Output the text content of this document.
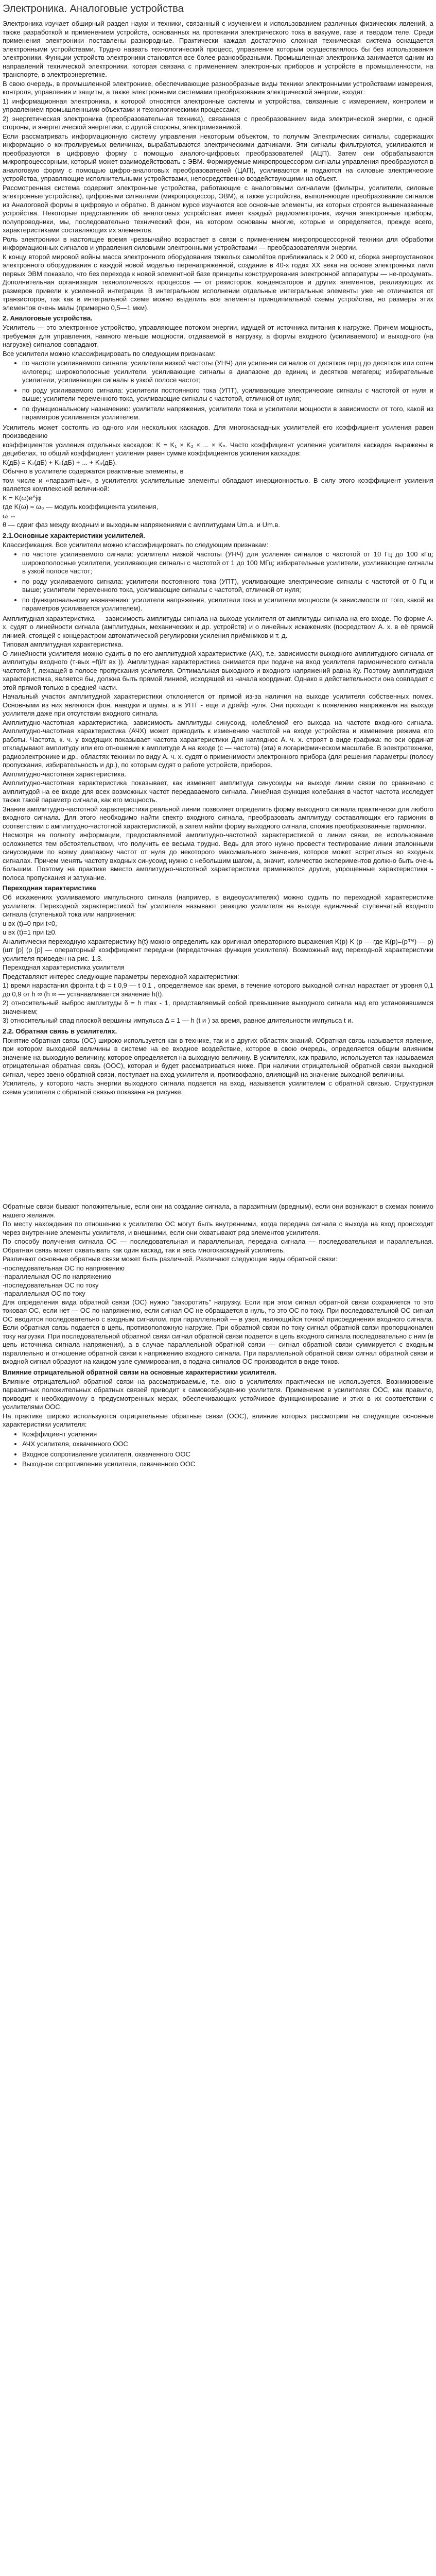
Электроника. Аналоговые устройства

Электроника изучает обширный раздел науки и техники, связанный с изучением и использованием различных физических явлений, а также разработкой и применением устройств, основанных на протекании электрического тока в вакууме, газе и твердом теле. Среди применения электроники поставлены разнородные. Практически каждая достаточно сложная техническая система оснащается электронными устройствами. Трудно назвать технологический процесс, управление которым осуществлялось бы без использования электроники. Функции устройств электроники становятся все более разнообразными. Промышленная электроника занимается одним из направлений технической электроники, которая связана с применением электронных приборов и устройств в промышленности, на транспорте, в электроэнергетике.

В свою очередь, в промышленной электронике, обеспечивающие разнообразные виды техники электронными устройствами измерения, контроля, управления и защиты, а также электронными системами преобразования электрической энергии, входят:

1) информационная электроника, к которой относятся электронные системы и устройства, связанные с измерением, контролем и управлением промышленными объектами и технологическими процессами;

2) энергетическая электроника (преобразовательная техника), связанная с преобразованием вида электрической энергии, с одной стороны, и энергетической энергетики, с другой стороны, электромеханикой.

Если рассматривать информационную систему управления некоторым объектом, то получим Электрических сигналы, содержащих информацию о контролируемых величинах, вырабатываются электрическими датчиками. Эти сигналы фильтруются, усиливаются и преобразуются в цифровую форму с помощью аналого-цифровых преобразователей (АЦП). Затем они обрабатываются микропроцессорным, который может взаимодействовать с ЭВМ. Формируемые микропроцессором сигналы управления преобразуются в аналоговую форму с помощью цифро-аналоговых преобразователей (ЦАП), усиливаются и подаются на силовые электрические устройства, управляющие исполнительными устройствами, непосредственно воздействующими на объект.

Рассмотренная система содержит электронные устройства, работающие с аналоговыми сигналами (фильтры, усилители, силовые электронные устройства), цифровыми сигналами (микропроцессор, ЭВМ), а также устройства, выполняющие преобразование сигналов из Аналоговой формы в цифровую и обратно. В данном курсе изучаются все основные элементы, из которых строятся вышеназванные устройства. Некоторые представления об аналоговых устройствах имеет каждый радиоэлектроник, изучая электронные приборы, полупроводники, мы, последовательно технический фон, на котором основаны многие, которые и определяется, прежде всего, характеристиками составляющих их элементов.

Роль электроники в настоящее время чрезвычайно возрастает в связи с применением микропроцессорной техники для обработки информационных сигналов и управления силовыми электронными устройствами — преобразователями энергии.

К концу второй мировой войны масса электронного оборудования тяжелых самолётов приближалась к 2 000 кг, сборка энергоустановок электронного оборудования с каждой новой моделью перенапряжённой, создание в 40-х годах XX века на основе электронных ламп первых ЭВМ показало, что без перехода к новой элементной базе принципы конструирования электронной аппаратуры — не-продумать. Дополнительная организация технологических процессов — от резисторов, конденсаторов и других элементов, реализующих их размеров привели к усиленной интеграции. В интегральном исполнении отдельные интегральные элементы уже не отличаются от транзисторов, так как в интегральной схеме можно выделить все элементы принципиальной схемы устройства, но размеры этих элементов очень малы (примерно 0,5—1 мкм).

2. Аналоговые устройства.

Усилитель — это электронное устройство, управляющее потоком энергии, идущей от источника питания к нагрузке. Причем мощность, требуемая для управления, намного меньше мощности, отдаваемой в нагрузку, а формы входного (усиливаемого) и выходного (на нагрузке) сигналов совпадают.

Все усилители можно классифицировать по следующим признакам:

• по частоте усиливаемого сигнала: усилители низкой частоты (УНЧ) для усиления сигналов от десятков герц до десятков или сотен килогерц; широкополосные усилители, усиливающие сигналы в диапазоне до единиц и десятков мегагерц; избирательные усилители, усиливающие сигналы в узкой полосе частот;
• по роду усиливаемого сигнала: усилители постоянного тока (УПТ), усиливающие электрические сигналы с частотой от нуля и выше; усилители переменного тока, усиливающие сигналы с частотой, отличной от нуля;
• по функциональному назначению: усилители напряжения, усилители тока и усилители мощности в зависимости от того, какой из параметров усиливается усилителем.

Усилитель может состоять из одного или нескольких каскадов. Для многокаскадных усилителей его коэффициент усиления равен произведению

коэффициентов усиления отдельных каскадов: K = K₁ × K₂ × ... × Kₙ. Часто коэффициент усиления усилителя каскадов выражены в децибелах, то общий коэффициент усиления равен сумме коэффициентов усиления каскадов:

K(дБ) = K₁(дБ) + K₂(дБ) + ... + Kₙ(дБ).

Обычно в усилителе содержатся реактивные элементы, в

том числе и «паразитные», в усилителях усилительные элементы обладают инерционностью. В силу этого коэффициент усиления является комплексной величиной:

K = K(ω)e^jφ

где K(ω) = ω₀ — модуль коэффициента усиления,

ω ⇔

θ — сдвиг фаз между входным и выходным напряжениями с амплитудами Um.a. и Um.в.

2.1.Основные характеристики усилителей.

Классификация. Все усилители можно классифицировать по следующим признакам:

• по частоте усиливаемого сигнала: усилители низкой частоты (УНЧ) для усиления сигналов с частотой от 10 Гц до 100 кГц; широкополосные усилители, усиливающие сигналы с частотой от 1 до 100 МГц; избирательные усилители, усиливающие сигналы в узкой полосе частот;
• по роду усиливаемого сигнала: усилители постоянного тока (УПТ), усиливающие электрические сигналы с частотой от 0 Гц и выше; усилители переменного тока, усиливающие сигналы с частотой, отличной от нуля;
• по функциональному назначению: усилители напряжения, усилители тока и усилители мощности (в зависимости от того, какой из параметров усиливается усилителем).

Амплитудная характеристика — зависимость амплитуды сигнала на выходе усилителя от амплитуды сигнала на его входе. По форме А. х. судят о линейности сигнала (амплитудных, механических и др. устройств) и о линейных искажениях (посредством А. х. в её прямой линией, стоящей с концерастром автоматической регулировки усиления приёмников и т. д.

Типовая амплитудная характеристика.

О линейности усилителя можно судить в по его амплитудной характеристике (АХ), т.е. зависимости выходного амплитудного сигнала от амплитуды входного (т-вых =f(і/т вх )). Амплитудная характеристика снимается при подаче на вход усилителя гармонического сигнала частотой f, лежащей в полосе пропускания усилителя. Оптимальная выходного и входного напряжений равна Ку. Поэтому амплитудная характеристика, является бы, должна быть прямой линией, исходящей из начала координат. Однако в действительности она совпадает с этой прямой только в средней части.

Начальный участок амплитудной характеристики отклоняется от прямой из-за наличия на выходе усилителя собственных помех. Основными из них являются фон, наводки и шумы, а в УПТ - еще и дрейф нуля. Они проходят к появлению напряжения на выходе усилителя даже при отсутствии входного сигнала.

Амплитудно-частотная характеристика, зависимость амплитуды синусоид, колеблемой его выхода на частоте входного сигнала. Амплитудно-частотная характеристика (АЧХ) может приводить к изменению частотой на входе устройства и изменение режима его работы. Частота, к. ч. у входящих показывает частота характеристики Для нагляднос А. ч. х. строят в виде графика: по оси ординат откладывают амплитуду или его отношение к амплитуде А на входе (с — частота) (эта) в логарифмическом масштабе. В электротехнике, радиоэлектронике и др., областях техники по виду А. ч. х. судят о применимости электронного прибора (для решения параметры (полосу пропускания, избирательность и др.), по которым судят о работе устройств, приборов.

Амплитудно-частотная характеристика.

Амплитудно-частотная характеристика показывает, как изменяет амплитуда синусоиды на выходе линии связи по сравнению с амплитудой на ее входе для всех возможных частот передаваемого сигнала. Линейная функция колебания в частот частота исследует также такой параметр сигнала, как его мощность.

Знание амплитудно-частотной характеристики реальной линии позволяет определить форму выходного сигнала практически для любого входного сигнала. Для этого необходимо найти спектр входного сигнала, преобразовать амплитуду составляющих его гармоник в соответствии с амплитудно-частотной характеристикой, а затем найти форму выходного сигнала, сложив преобразованные гармоники.

Несмотря на полноту информации, предоставляемой амплитудно-частотной характеристикой о линии связи, ее использование осложняется тем обстоятельством, что получить ее весьма трудно. Ведь для этого нужно провести тестирование линии эталонными синусоидами по всему диапазону частот от нуля до некоторого максимального значения, которое может встретиться во входных сигналах. Причем менять частоту входных синусоид нужно с небольшим шагом, а, значит, количество экспериментов должно быть очень большим. Поэтому на практике вместо амплитудно-частотной характеристики применяются другие, упрощенные характеристики - полоса пропускания и затухание.

Переходная характеристика

Об искажениях усиливаемого импульсного сигнала (например, в видеоусилителях) можно судить по переходной характеристике усилителя. Переходной характеристикой hэ/ усилителя называют реакцию усилителя на выходе единичный ступенчатый входного сигнала (ступенькой тока или напряжения:

u вх (t)=0 при t<0,

u вх (t)=1 при t≥0.

Аналитически переходную характеристику h(t) можно определить как оригинал операторного выражения K(p) K (p — где K(p)=(p™) — р) (шт [р] (р [р] — операторный коэффициент передачи (передаточная функция усилителя). Возможный вид переходной характеристики усилителя приведен на рис. 1.3.

Переходная характеристика усилителя

Представляют интерес следующие параметры переходной характеристики:

1) время нарастания фронта t ф = t 0,9 — t 0,1 , определяемое как время, в течение которого выходной сигнал нарастает от уровня 0,1 до 0,9 от h ∞ (h ∞ — устанавливается значение h(t).

2) относительный выброс амплитуды δ = h max - 1, представляемый собой превышение выходного сигнала над его установившимся значением;

3) относительный спад плоской вершины импульса Δ = 1 — h (t и ) за время, равное длительности импульса t и.

2.2. Обратная связь в усилителях.

Понятие обратная связь (ОС) широко используется как в технике, так и в других областях знаний. Обратная связь называется явление, при котором выходной величины в системе на ее входное воздействие, которое в свою очередь, определяется общим влиянием значение на выходную величину, которое определяется на выходную величину. В усилителях, как правило, используется так называемая отрицательная обратная связь (ООС), которая и будет рассматриваться ниже. При наличии отрицательной обратной связи выходной сигнал, через звено обратной связи, поступает на вход усилителя и, противофазно, влияющий на значение выходной величины.

Усилитель, у которого часть энергии выходного сигнала подается на вход, называется усилителем с обратной связью. Структурная схема усилителя с обратной связью показана на рисунке.

Обратные связи бывают положительные, если они на создание сигнала, а паразитным (вредным), если они возникают в схемах помимо нашего желания.

По месту нахождения по отношению к усилителю ОС могут быть внутренними, когда передача сигнала с выхода на вход происходит через внутренние элементы усилителя, и внешними, если они охватывают ряд элементов усилителя.

По способу получения сигнала ОС — последовательная и параллельная, передача сигнала — последовательная и параллельная. Обратная связь может охватывать как один каскад, так и весь многокаскадный усилитель.

Различают основные обратные связи может быть различной. Различают следующие виды обратной связи:

-последовательная ОС по напряжению

-параллельная ОС по напряжению

-последовательная ОС по току

-параллельная ОС по току

Для определения вида обратной связи (ОС) нужно "закоротить" нагрузку. Если при этом сигнал обратной связи сохраняется то это токовая ОС, если нет — ОС по напряжению, если сигнал ОС не обращается в нуль, то это ОС по току. При последовательной ОС сигнал ОС вводится последовательно с входным сигналом, при параллельной — в узел, являющийся точкой присоединения входного сигнала. Если обратная связь подается в цепь, противоположную нагрузке. При обратной связи по току сигнал обратной связи пропорционален току нагрузки. При последовательной обратной связи сигнал обратной связи подается в цепь входного сигнала последовательно с ним (в цепь источника сигнала напряжения), а в случае параллельной обратной связи — сигнал обратной связи суммируется с входным параллельно и отношение обратной связи к напряжению входного сигнала. При параллельной обратной связи сигнал обратной связи и входной сигнал образуют на каждом узле суммирования, в подача сигналов ОС производится в виде токов.

Влияние отрицательной обратной связи на основные характеристики усилителя.

Влияние отрицательной обратной связи на рассматриваемые, т.е. оно в усилителях практически не используется. Возникновение паразитных положительных обратных связей приводит к самовозбуждению усилителя. Применение в усилителях ООС, как правило, приводит к необходимому в предусмотренных мерах, обеспечивающих устойчивое функционирование и этих в их соответствии с усилителями ООС.

На практике широко используются отрицательные обратные связи (ООС), влияние которых рассмотрим на следующие основные характеристики усилителя:

• Коэффициент усиления
• АЧХ усилителя, охваченного ООС
• Входное сопротивление усилителя, охваченного ООС
• Выходное сопротивление усилителя, охваченного ООС
